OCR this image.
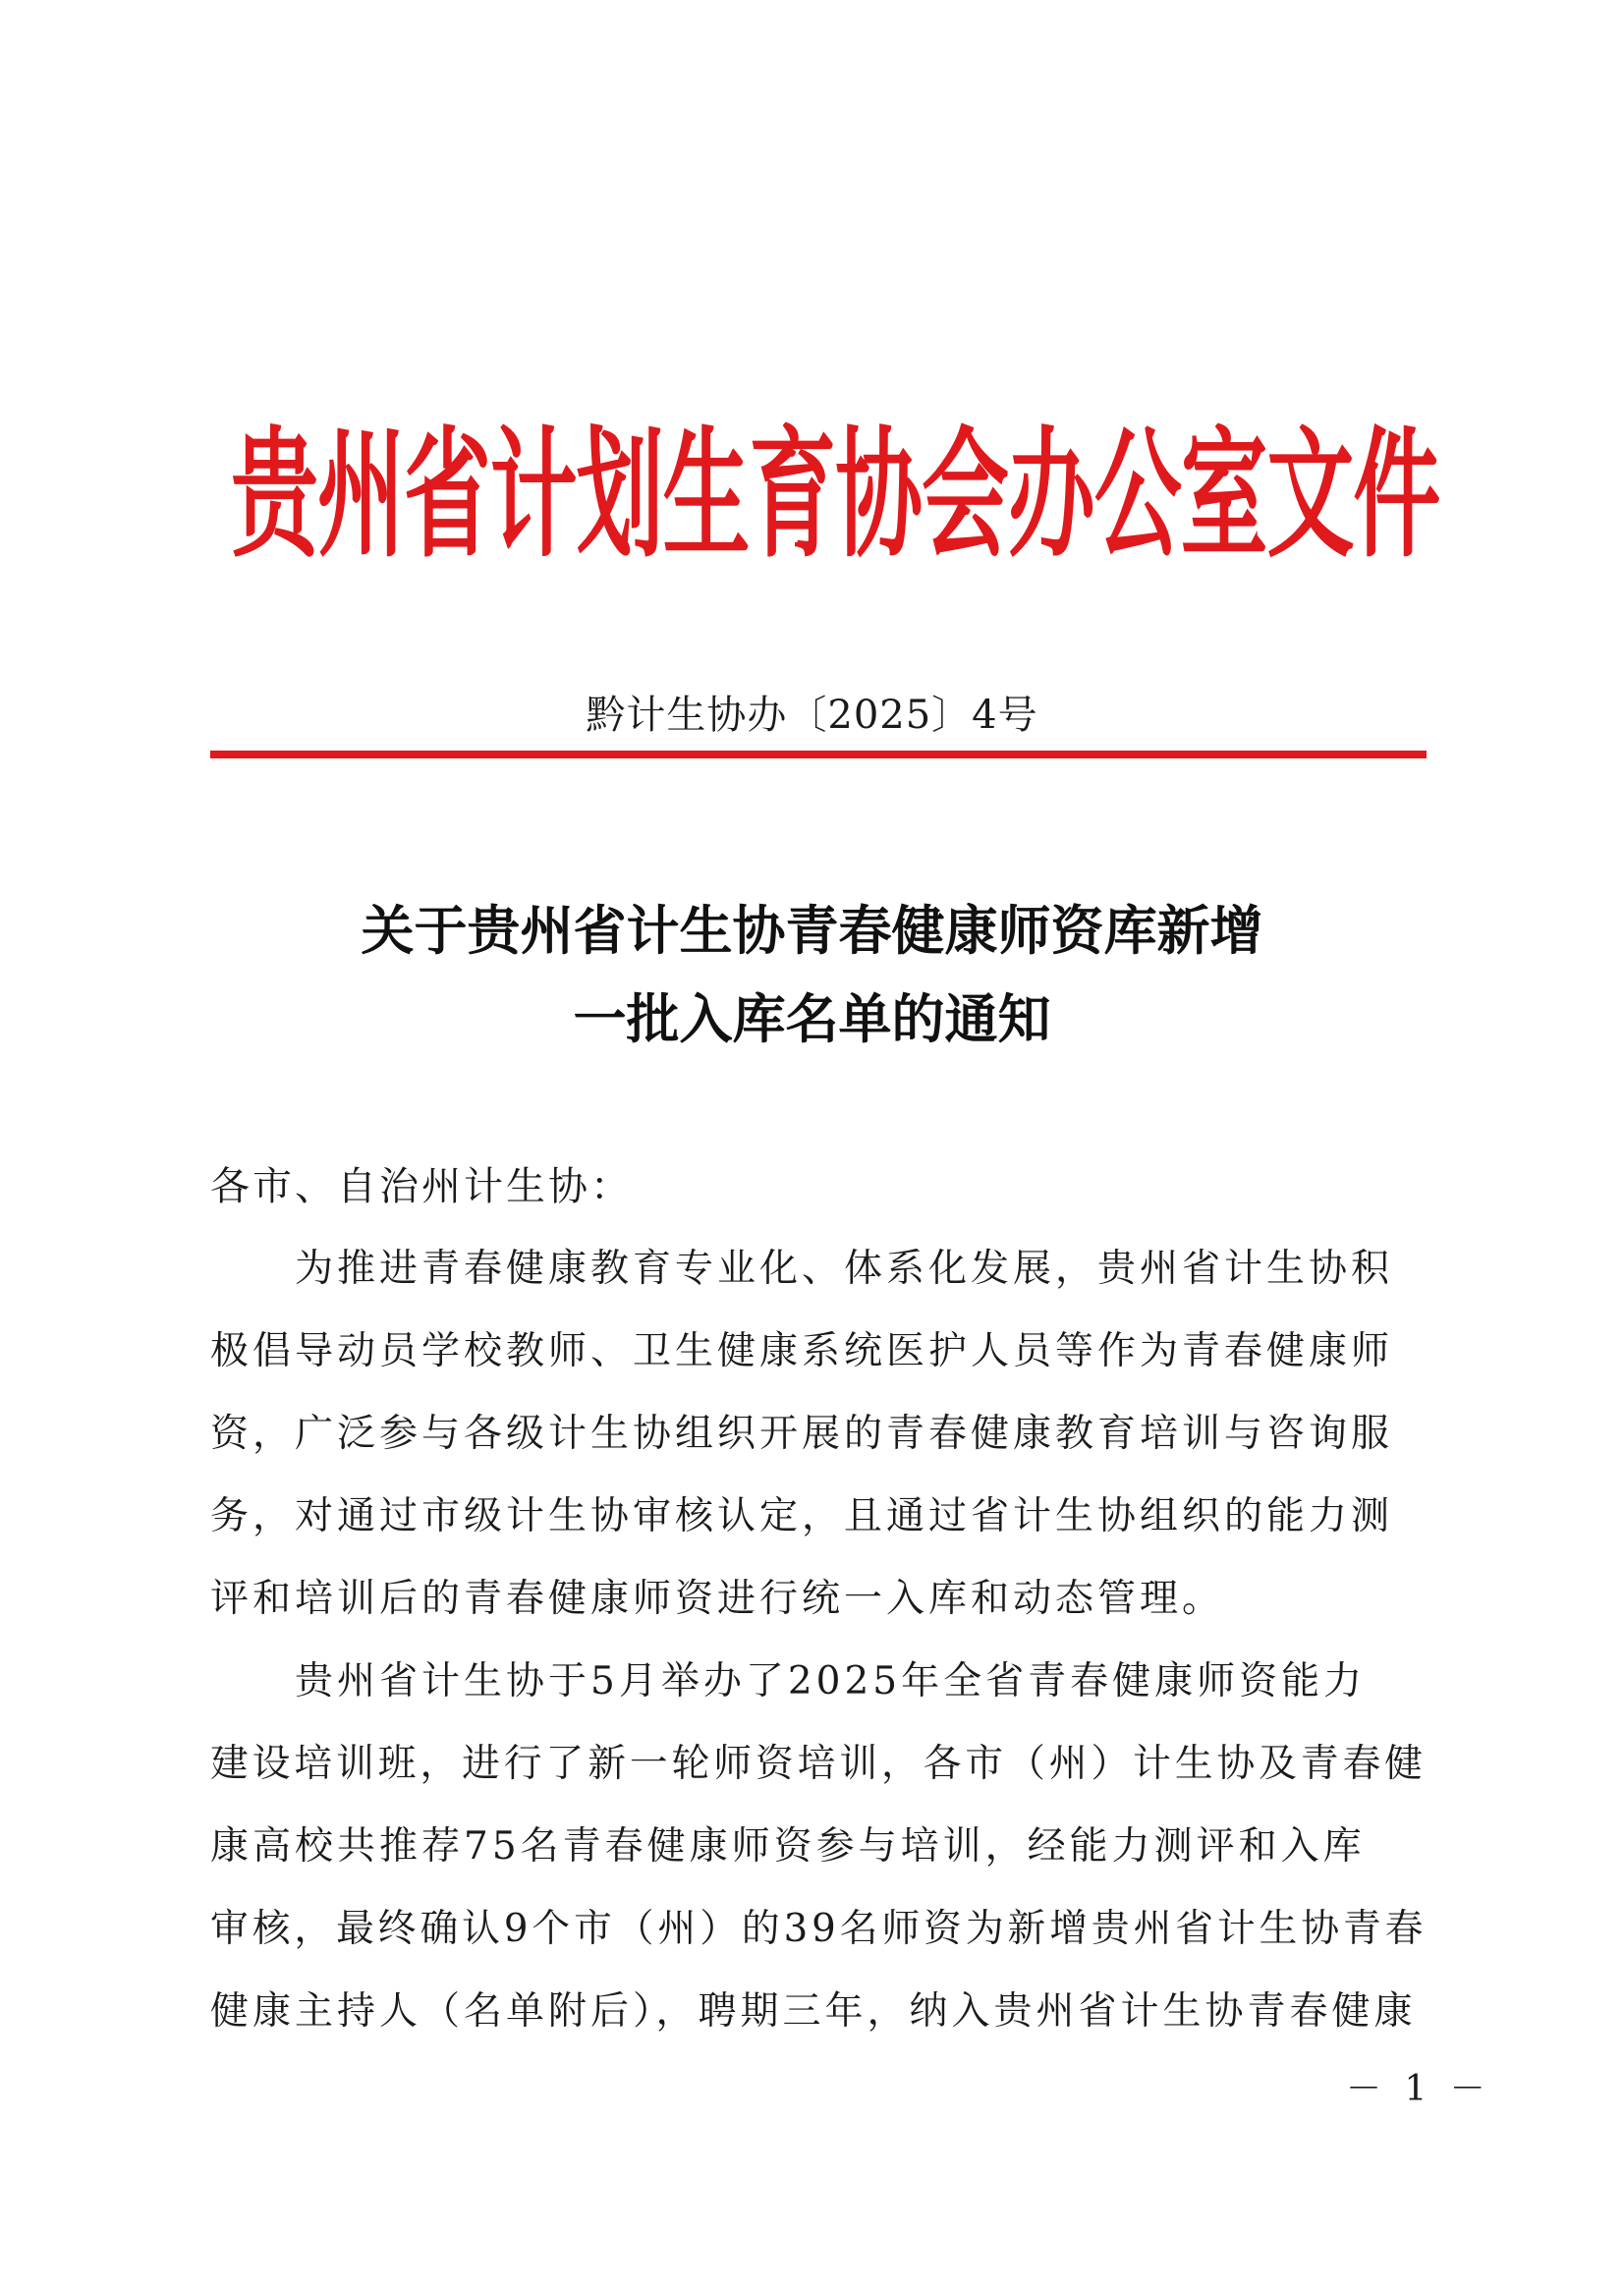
贵州省计划生育协会办公室文件
黔计生协办〔2025〕4号
关于贵州省计生协青春健康师资库新增
一批入库名单的通知
各市、自治州计生协：
为推进青春健康教育专业化、体系化发展，贵州省计生协积
极倡导动员学校教师、卫生健康系统医护人员等作为青春健康师
资，广泛参与各级计生协组织开展的青春健康教育培训与咨询服
务，对通过市级计生协审核认定，且通过省计生协组织的能力测
评和培训后的青春健康师资进行统一入库和动态管理。
贵州省计生协于5月举办了2025年全省青春健康师资能力
建设培训班，进行了新一轮师资培训，各市（州）计生协及青春健
康高校共推荐75名青春健康师资参与培训，经能力测评和入库
审核，最终确认9个市（州）的39名师资为新增贵州省计生协青春
健康主持人（名单附后），聘期三年，纳入贵州省计生协青春健康
－ 1 －
